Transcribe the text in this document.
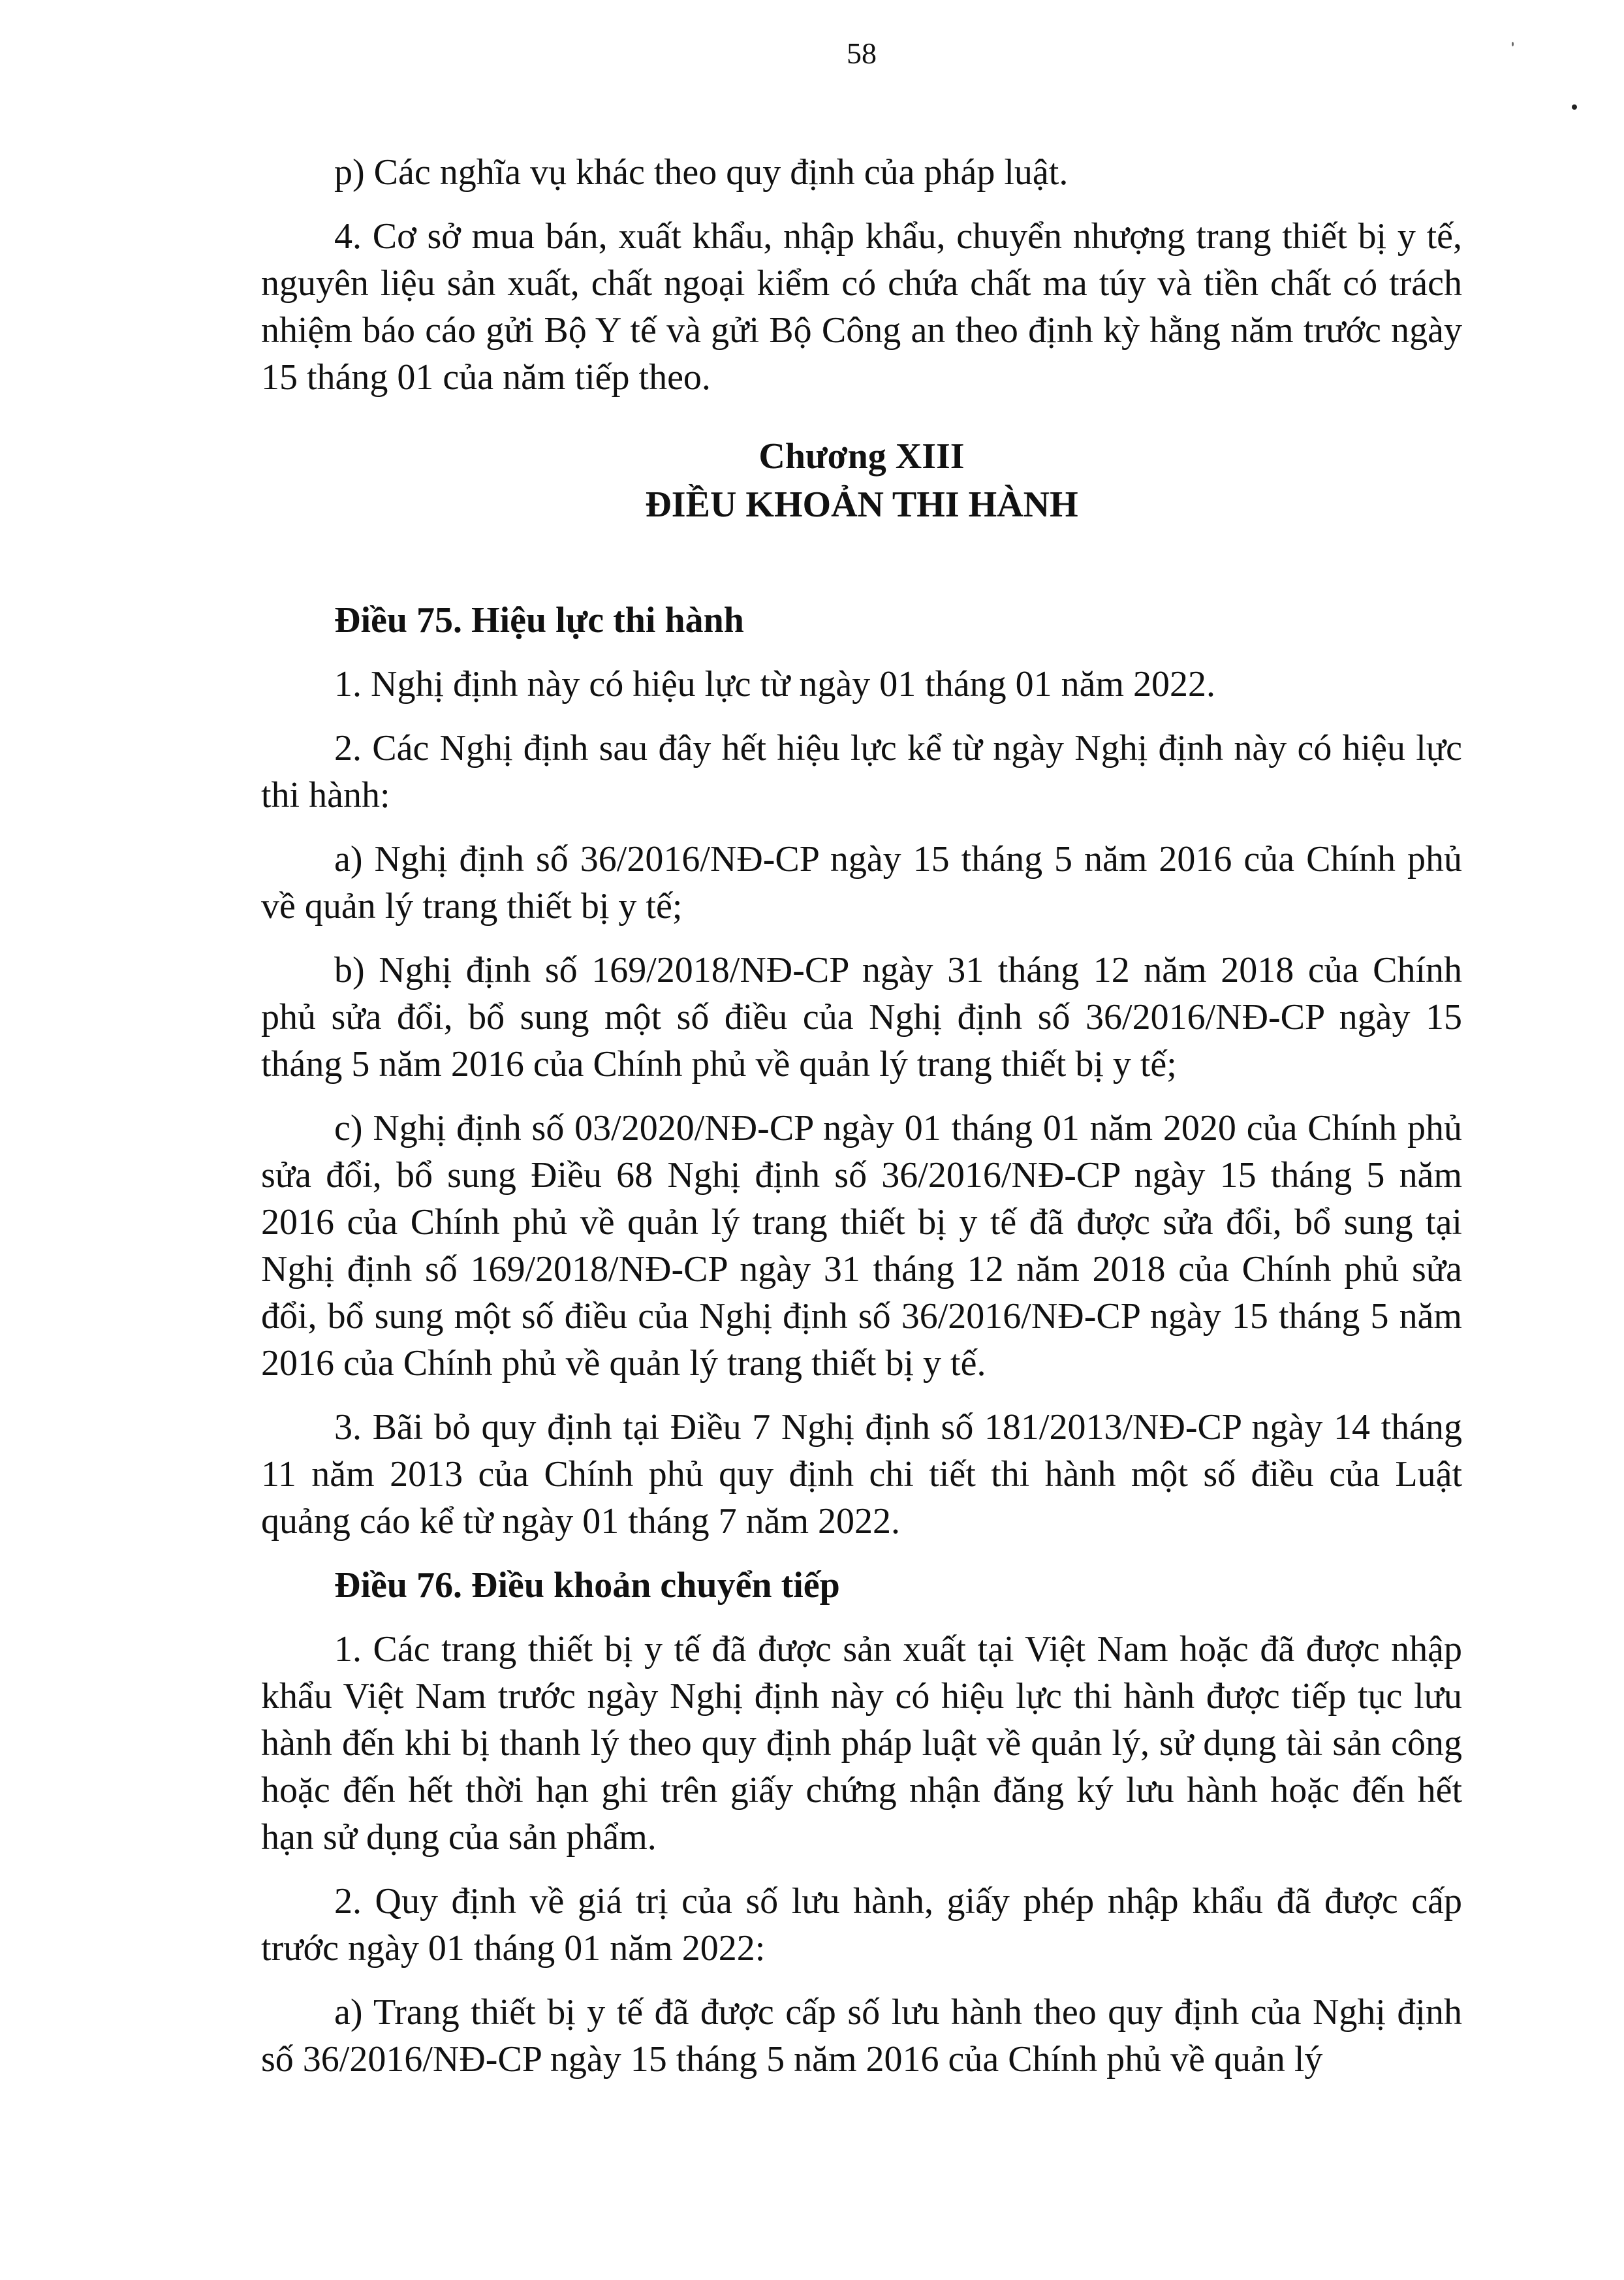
58

p) Các nghĩa vụ khác theo quy định của pháp luật.

4. Cơ sở mua bán, xuất khẩu, nhập khẩu, chuyển nhượng trang thiết bị y tế, nguyên liệu sản xuất, chất ngoại kiểm có chứa chất ma túy và tiền chất có trách nhiệm báo cáo gửi Bộ Y tế và gửi Bộ Công an theo định kỳ hằng năm trước ngày 15 tháng 01 của năm tiếp theo.

Chương XIII
ĐIỀU KHOẢN THI HÀNH

Điều 75. Hiệu lực thi hành

1. Nghị định này có hiệu lực từ ngày 01 tháng 01 năm 2022.

2. Các Nghị định sau đây hết hiệu lực kể từ ngày Nghị định này có hiệu lực thi hành:

a) Nghị định số 36/2016/NĐ-CP ngày 15 tháng 5 năm 2016 của Chính phủ về quản lý trang thiết bị y tế;

b) Nghị định số 169/2018/NĐ-CP ngày 31 tháng 12 năm 2018 của Chính phủ sửa đổi, bổ sung một số điều của Nghị định số 36/2016/NĐ-CP ngày 15 tháng 5 năm 2016 của Chính phủ về quản lý trang thiết bị y tế;

c) Nghị định số 03/2020/NĐ-CP ngày 01 tháng 01 năm 2020 của Chính phủ sửa đổi, bổ sung Điều 68 Nghị định số 36/2016/NĐ-CP ngày 15 tháng 5 năm 2016 của Chính phủ về quản lý trang thiết bị y tế đã được sửa đổi, bổ sung tại Nghị định số 169/2018/NĐ-CP ngày 31 tháng 12 năm 2018 của Chính phủ sửa đổi, bổ sung một số điều của Nghị định số 36/2016/NĐ-CP ngày 15 tháng 5 năm 2016 của Chính phủ về quản lý trang thiết bị y tế.

3. Bãi bỏ quy định tại Điều 7 Nghị định số 181/2013/NĐ-CP ngày 14 tháng 11 năm 2013 của Chính phủ quy định chi tiết thi hành một số điều của Luật quảng cáo kể từ ngày 01 tháng 7 năm 2022.

Điều 76. Điều khoản chuyển tiếp

1. Các trang thiết bị y tế đã được sản xuất tại Việt Nam hoặc đã được nhập khẩu Việt Nam trước ngày Nghị định này có hiệu lực thi hành được tiếp tục lưu hành đến khi bị thanh lý theo quy định pháp luật về quản lý, sử dụng tài sản công hoặc đến hết thời hạn ghi trên giấy chứng nhận đăng ký lưu hành hoặc đến hết hạn sử dụng của sản phẩm.

2. Quy định về giá trị của số lưu hành, giấy phép nhập khẩu đã được cấp trước ngày 01 tháng 01 năm 2022:

a) Trang thiết bị y tế đã được cấp số lưu hành theo quy định của Nghị định số 36/2016/NĐ-CP ngày 15 tháng 5 năm 2016 của Chính phủ về quản lý
